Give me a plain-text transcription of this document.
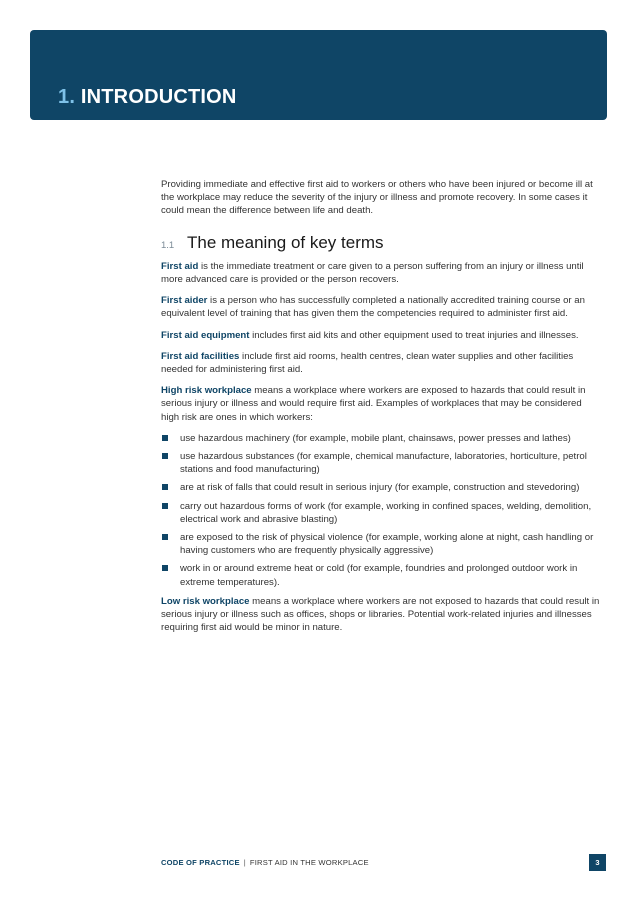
1. INTRODUCTION

Providing immediate and effective first aid to workers or others who have been injured or become ill at the workplace may reduce the severity of the injury or illness and promote recovery. In some cases it could mean the difference between life and death.

1.1 The meaning of key terms

First aid is the immediate treatment or care given to a person suffering from an injury or illness until more advanced care is provided or the person recovers.

First aider is a person who has successfully completed a nationally accredited training course or an equivalent level of training that has given them the competencies required to administer first aid.

First aid equipment includes first aid kits and other equipment used to treat injuries and illnesses.

First aid facilities include first aid rooms, health centres, clean water supplies and other facilities needed for administering first aid.

High risk workplace means a workplace where workers are exposed to hazards that could result in serious injury or illness and would require first aid. Examples of workplaces that may be considered high risk are ones in which workers:

use hazardous machinery (for example, mobile plant, chainsaws, power presses and lathes)
use hazardous substances (for example, chemical manufacture, laboratories, horticulture, petrol stations and food manufacturing)
are at risk of falls that could result in serious injury (for example, construction and stevedoring)
carry out hazardous forms of work (for example, working in confined spaces, welding, demolition, electrical work and abrasive blasting)
are exposed to the risk of physical violence (for example, working alone at night, cash handling or having customers who are frequently physically aggressive)
work in or around extreme heat or cold (for example, foundries and prolonged outdoor work in extreme temperatures).

Low risk workplace means a workplace where workers are not exposed to hazards that could result in serious injury or illness such as offices, shops or libraries. Potential work-related injuries and illnesses requiring first aid would be minor in nature.

CODE OF PRACTICE | FIRST AID IN THE WORKPLACE	3
